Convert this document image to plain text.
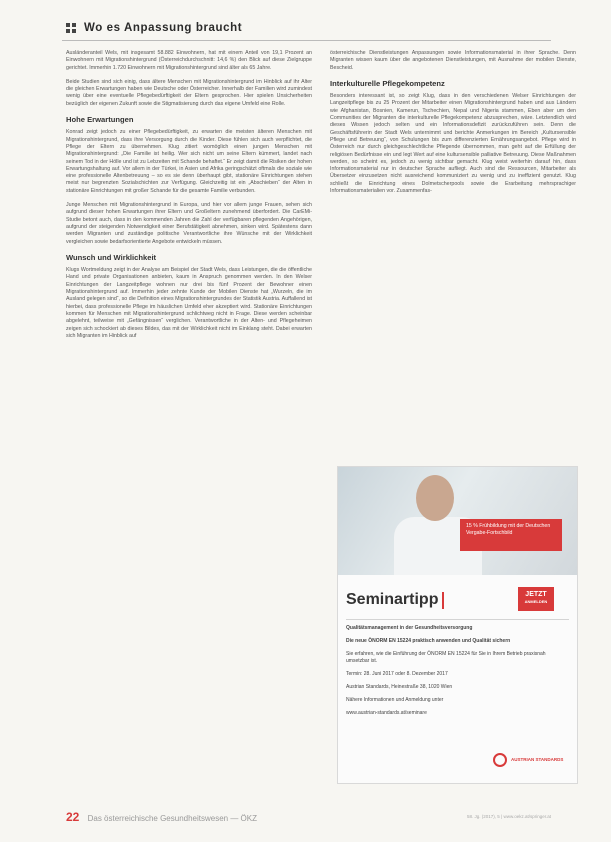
Wo es Anpassung braucht

Ausländeranteil Wels, mit insgesamt 58.882 Einwohnern, hat mit einem Anteil von 19,1 Prozent an Einwohnern mit Migrationshintergrund (Österreichdurchschnitt: 14,6 %) den Blick auf diese Zielgruppe gerichtet. Immerhin 1.720 Einwohnern mit Migrationshintergrund sind älter als 65 Jahre.

Beide Studien sind sich einig, dass ältere Menschen mit Migrationshintergrund im Hinblick auf ihr Alter die gleichen Erwartungen haben wie Deutsche oder Österreicher. Innerhalb der Familien wird zumindest wenig über eine eventuelle Pflegebedürftigkeit der Eltern gesprochen. Hier spielen Unsicherheiten bezüglich der eigenen Zukunft sowie die Stigmatisierung durch das eigene Umfeld eine Rolle.

Hohe Erwartungen

Konrad zeigt jedoch zu einer Pflegebedürftigkeit, zu erwarten die meisten älteren Menschen mit Migrationshintergrund, dass ihre Versorgung durch die Kinder. Diese fühlen sich auch verpflichtet, die Pflege der Eltern zu übernehmen. Klug zitiert womöglich einen jungen Menschen mit Migrationshintergrund: „Die Familie ist heilig. Wer sich nicht um seine Eltern kümmert, landet nach seinem Tod in der Hölle und ist zu Lebzeiten mit Schande behaftet.“ Er zeigt damit die Risiken der hohen Erwartungshaltung auf. Vor allem in der Türkei, in Asien und Afrika geringschätzt oftmals die soziale wie eine professionelle Altenbetreuung – so es sie denn überhaupt gibt, stationäre Einrichtungen stehen meist nur begrenzten Sozialschichten zur Verfügung. Gleichzeitig ist ein „Abschieben“ der Alten in stationäre Einrichtungen mit großer Schande für die gesamte Familie verbunden.

Junge Menschen mit Migrationshintergrund in Europa, und hier vor allem junge Frauen, sehen sich aufgrund dieser hohen Erwartungen ihrer Eltern und Großeltern zunehmend überfordert. Die CarEMi-Studie betont auch, dass in den kommenden Jahren die Zahl der verfügbaren pflegenden Angehörigen, aufgrund der steigenden Notwendigkeit einer Berufstätigkeit abnehmen, sinken wird. Spätestens dann werden Migranten und zuständige politische Verantwortliche ihre Wünsche mit der Wirklichkeit vergleichen sowie bedarfsorientierte Angebote entwickeln müssen.

Wunsch und Wirklichkeit

Klugs Wortmeldung zeigt in der Analyse am Beispiel der Stadt Wels, dass Leistungen, die die öffentliche Hand und private Organisationen anbieten, kaum in Anspruch genommen werden. In den Welser Einrichtungen der Langzeitpflege wohnen nur drei bis fünf Prozent der Bewohner einen Migrationshintergrund auf. Immerhin jeder zehnte Kunde der Mobilen Dienste hat „Wurzeln, die im Ausland gelegen sind“, so die Definition eines Migrationshintergrundes der Statistik Austria. Auffallend ist hierbei, dass professionelle Pflege im häuslichen Umfeld eher akzeptiert wird. Stationäre Einrichtungen kommen für Menschen mit Migrationshintergrund schlichtweg nicht in Frage. Diese werden scheinbar abgelehnt, teilweise mit „Gefängnissen“ verglichen. Verantwortliche in der Alten- und Pflegeheimen zeigen sich schockiert ab dieses Bildes, das mit der Wirklichkeit nicht im Einklang steht. Dabei erwarten sich Migranten im Hinblick auf

österreichische Dienstleistungen Anpassungen sowie Informationsmaterial in ihrer Sprache. Denn Migranten wissen kaum über die angebotenen Dienstleistungen, mit Ausnahme der mobilen Dienste, Bescheid.

Interkulturelle Pflegekompetenz

Besonders interessant ist, so zeigt Klug, dass in den verschiedenen Welser Einrichtungen der Langzeitpflege bis zu 25 Prozent der Mitarbeiter einen Migrationshintergrund haben und aus Ländern wie Afghanistan, Bosnien, Kamerun, Tschechien, Nepal und Nigeria stammen, Eben aber um den Communities der Migranten die interkulturelle Pflegekompetenz abzusprechen, wäre. Letztendlich wird dieses Wissen jedoch selten und ein Informationsdefizit zurückzuführen sein. Denn die Geschäftsführerin der Stadt Wels unternimmt und berichte Anmerkungen im Bereich „Kultursensible Pflege und Betreuung“, von Schulungen bis zum differenzierten Ernährungsangebot. Pflege wird in Österreich nur durch gleichgeschlechtliche Pflegende übernommen, man geht auf die Erfüllung der religiösen Bedürfnisse ein und legt Wert auf eine kultursensible palliative Betreuung. Diese Maßnahmen werden, so scheint es, jedoch zu wenig sichtbar gemacht. Klug weist weiterhin darauf hin, dass Informationsmaterial nur in deutscher Sprache aufliegt. Auch sind die Ressourcen, Mitarbeiter als Übersetzer einzusetzen nicht ausreichend kommuniziert zu wenig und zu ineffizient genutzt. Klug schließt die Einrichtung eines Dolmetscherpools sowie die Erarbeitung mehrsprachiger Informationsmaterialien vor. Zusammenfas-

15 % Frühbildung mit der Deutschen Vergabe-Fortschbild
Seminartipp	JETZT
ANMELDEN

Qualitätsmanagement in der Gesundheitsversorgung

Die neue ÖNORM EN 15224 praktisch anwenden und Qualität sichern

Sie erfahren, wie die Einführung der ÖNORM EN 15224 für Sie in Ihrem Betrieb praxisnah umsetzbar ist.

Termin: 28. Juni 2017 oder 8. Dezember 2017

Austrian Standards, Heinestraße 38, 1020 Wien

Nähere Informationen und Anmeldung unter

www.austrian-standards.at/seminare

AUSTRIAN STANDARDS
22 Das österreichische Gesundheitswesen — ÖKZ	58. Jg. (2017), 5 | www.oekz.at/springer.at
